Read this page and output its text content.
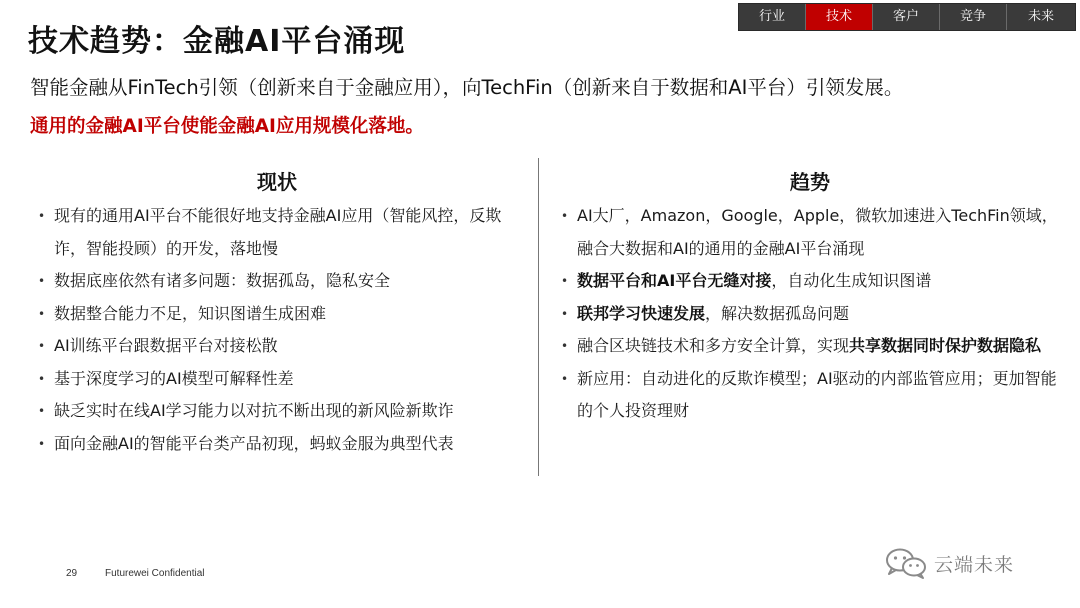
技术趋势：金融AI平台涌现
行业	技术	客户	竞争	未来
智能金融从FinTech引领（创新来自于金融应用），向TechFin（创新来自于数据和AI平台）引领发展。
通用的金融AI平台使能金融AI应用规模化落地。
现状	趋势
• 现有的通用AI平台不能很好地支持金融AI应用（智能风控，反欺诈，智能投顾）的开发，落地慢
• 数据底座依然有诸多问题：数据孤岛，隐私安全
• 数据整合能力不足，知识图谱生成困难
• AI训练平台跟数据平台对接松散
• 基于深度学习的AI模型可解释性差
• 缺乏实时在线AI学习能力以对抗不断出现的新风险新欺诈
• 面向金融AI的智能平台类产品初现，蚂蚁金服为典型代表
• AI大厂，Amazon，Google，Apple，微软加速进入TechFin领域，融合大数据和AI的通用的金融AI平台涌现
• 数据平台和AI平台无缝对接，自动化生成知识图谱
• 联邦学习快速发展，解决数据孤岛问题
• 融合区块链技术和多方安全计算，实现共享数据同时保护数据隐私
• 新应用：自动进化的反欺诈模型；AI驱动的内部监管应用；更加智能的个人投资理财
29	Futurewei Confidential	云端未来
